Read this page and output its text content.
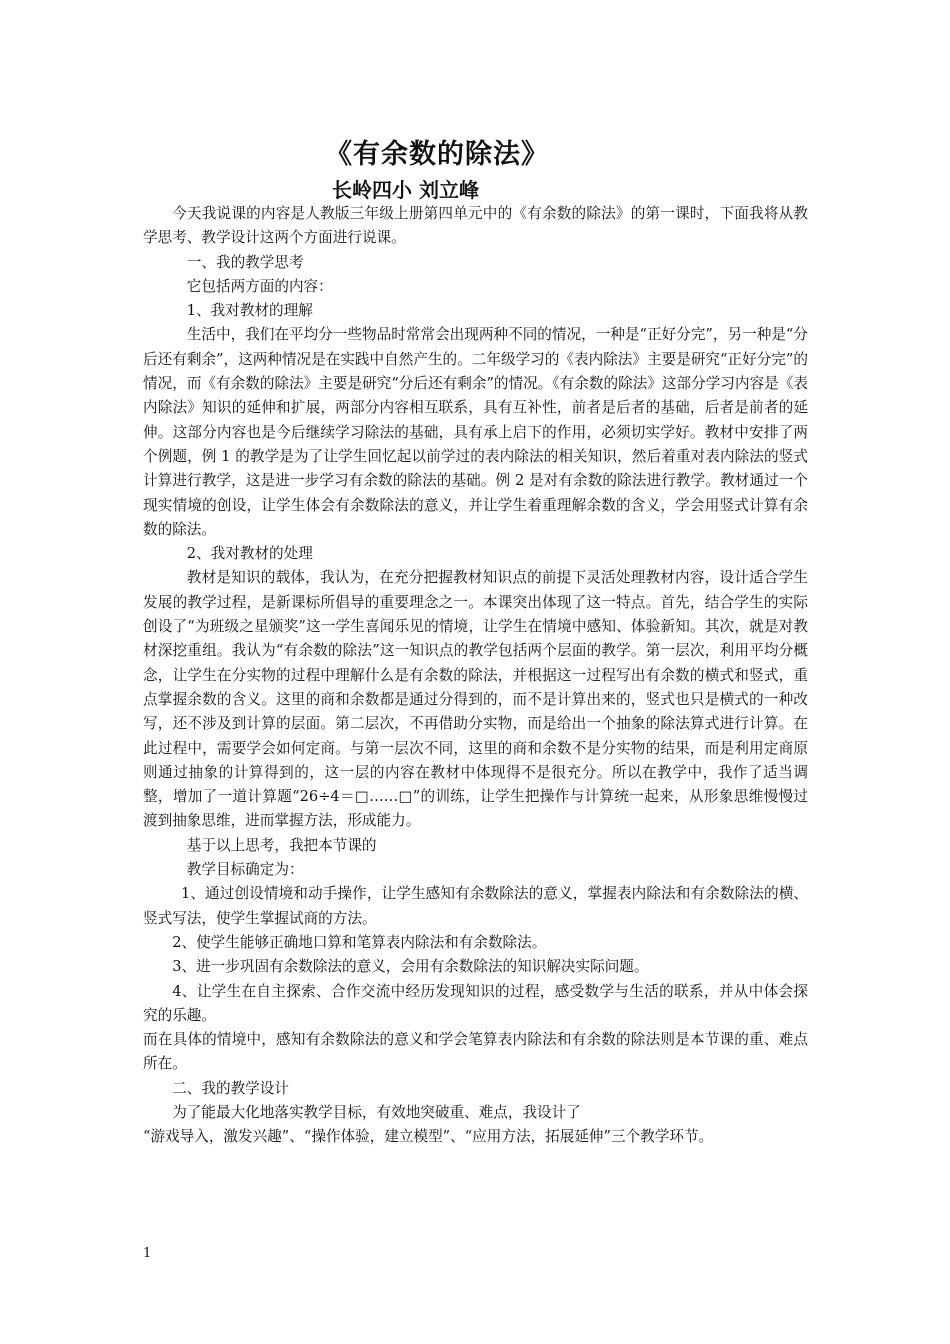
《有余数的除法》
长岭四小 刘立峰

今天我说课的内容是人教版三年级上册第四单元中的《有余数的除法》的第一课时，下面我将从教学思考、教学设计这两个方面进行说课。

一、我的教学思考

它包括两方面的内容：

1、我对教材的理解

生活中，我们在平均分一些物品时常常会出现两种不同的情况，一种是“正好分完”，另一种是“分后还有剩余”，这两种情况是在实践中自然产生的。二年级学习的《表内除法》主要是研究“正好分完”的情况，而《有余数的除法》主要是研究“分后还有剩余”的情况。《有余数的除法》这部分学习内容是《表内除法》知识的延伸和扩展，两部分内容相互联系，具有互补性，前者是后者的基础，后者是前者的延伸。这部分内容也是今后继续学习除法的基础，具有承上启下的作用，必须切实学好。教材中安排了两个例题，例 1 的教学是为了让学生回忆起以前学过的表内除法的相关知识，然后着重对表内除法的竖式计算进行教学，这是进一步学习有余数的除法的基础。例 2 是对有余数的除法进行教学。教材通过一个现实情境的创设，让学生体会有余数除法的意义，并让学生着重理解余数的含义，学会用竖式计算有余数的除法。

2、我对教材的处理

教材是知识的载体，我认为，在充分把握教材知识点的前提下灵活处理教材内容，设计适合学生发展的教学过程，是新课标所倡导的重要理念之一。本课突出体现了这一特点。首先，结合学生的实际创设了“为班级之星颁奖”这一学生喜闻乐见的情境，让学生在情境中感知、体验新知。其次，就是对教材深挖重组。我认为“有余数的除法”这一知识点的教学包括两个层面的教学。第一层次，利用平均分概念，让学生在分实物的过程中理解什么是有余数的除法，并根据这一过程写出有余数的横式和竖式，重点掌握余数的含义。这里的商和余数都是通过分得到的，而不是计算出来的，竖式也只是横式的一种改写，还不涉及到计算的层面。第二层次，不再借助分实物，而是给出一个抽象的除法算式进行计算。在此过程中，需要学会如何定商。与第一层次不同，这里的商和余数不是分实物的结果，而是利用定商原则通过抽象的计算得到的，这一层的内容在教材中体现得不是很充分。所以在教学中，我作了适当调整，增加了一道计算题“26÷4＝□……□”的训练，让学生把操作与计算统一起来，从形象思维慢慢过渡到抽象思维，进而掌握方法，形成能力。

基于以上思考，我把本节课的

教学目标确定为：

1、通过创设情境和动手操作，让学生感知有余数除法的意义，掌握表内除法和有余数除法的横、竖式写法，使学生掌握试商的方法。

2、使学生能够正确地口算和笔算表内除法和有余数除法。

3、进一步巩固有余数除法的意义，会用有余数除法的知识解决实际问题。

4、让学生在自主探索、合作交流中经历发现知识的过程，感受数学与生活的联系，并从中体会探究的乐趣。

而在具体的情境中，感知有余数除法的意义和学会笔算表内除法和有余数的除法则是本节课的重、难点所在。

二、我的教学设计

为了能最大化地落实教学目标，有效地突破重、难点，我设计了

“游戏导入，激发兴趣”、“操作体验，建立模型”、“应用方法，拓展延伸”三个教学环节。

1
